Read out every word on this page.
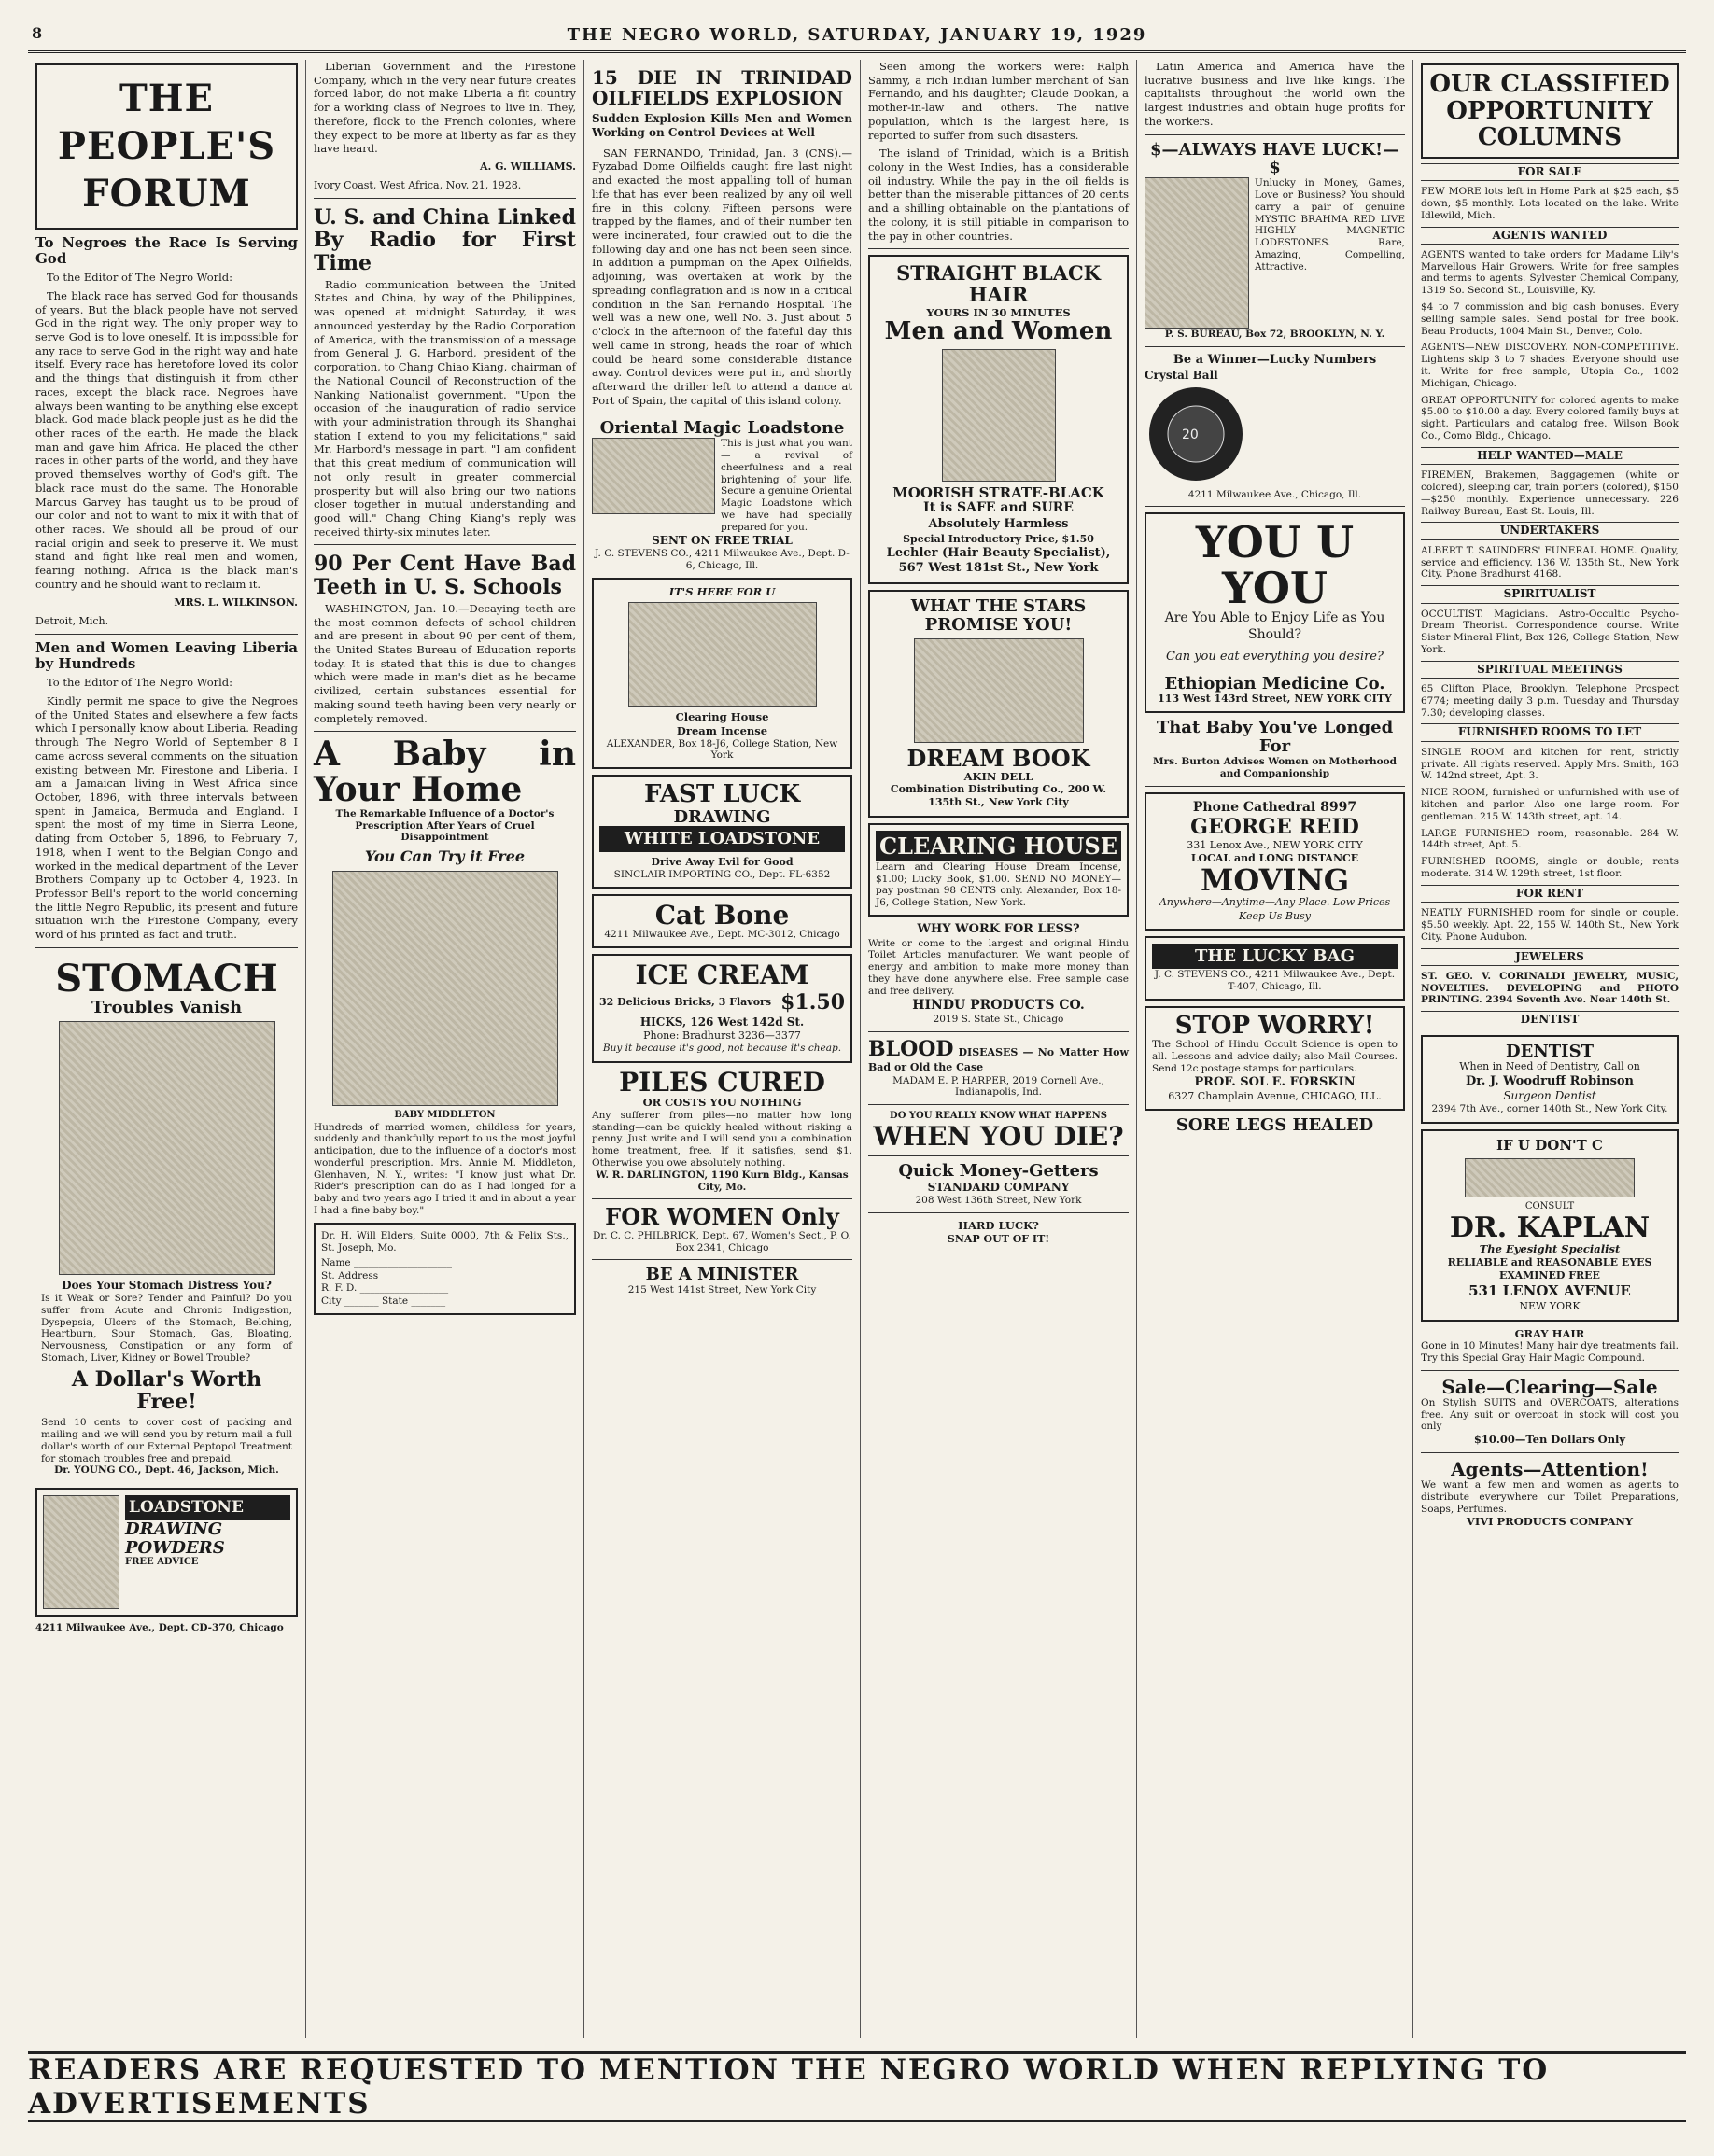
8	THE NEGRO WORLD, SATURDAY, JANUARY 19, 1929
THE PEOPLE'S FORUM
To Negroes the Race Is Serving God

To the Editor of The Negro World:

The black race has served God for thousands of years. But the black people have not served God in the right way. The only proper way to serve God is to love oneself. It is impossible for any race to serve God in the right way and hate itself. Every race has heretofore loved its color and the things that distinguish it from other races, except the black race. Negroes have always been wanting to be anything else except black. God made black people just as he did the other races of the earth. He made the black man and gave him Africa. He placed the other races in other parts of the world, and they have proved themselves worthy of God's gift. The black race must do the same. The Honorable Marcus Garvey has taught us to be proud of our color and not to want to mix it with that of other races. We should all be proud of our racial origin and seek to preserve it. We must stand and fight like real men and women, fearing nothing. Africa is the black man's country and he should want to reclaim it.

MRS. L. WILKINSON.
Detroit, Mich.
Men and Women Leaving Liberia by Hundreds

To the Editor of The Negro World:

Kindly permit me space to give the Negroes of the United States and elsewhere a few facts which I personally know about Liberia. Reading through The Negro World of September 8 I came across several comments on the situation existing between Mr. Firestone and Liberia. I am a Jamaican living in West Africa since October, 1896, with three intervals between spent in Jamaica, Bermuda and England. I spent the most of my time in Sierra Leone, dating from October 5, 1896, to February 7, 1918, when I went to the Belgian Congo and worked in the medical department of the Lever Brothers Company up to October 4, 1923. In Professor Bell's report to the world concerning the little Negro Republic, its present and future situation with the Firestone Company, every word of his printed as fact and truth.

STOMACH
Troubles Vanish
Does Your Stomach Distress You?
Is it Weak or Sore? Tender and Painful? Do you suffer from Acute and Chronic Indigestion, Dyspepsia, Ulcers of the Stomach, Belching, Heartburn, Sour Stomach, Gas, Bloating, Nervousness, Constipation or any form of Stomach, Liver, Kidney or Bowel Trouble?
A Dollar's Worth Free!
Send 10 cents to cover cost of packing and mailing and we will send you by return mail a full dollar's worth of our External Peptopol Treatment for stomach troubles free and prepaid.
Dr. YOUNG CO., Dept. 46, Jackson, Mich.
LOADSTONE
DRAWING
POWDERS
FREE ADVICE
4211 Milwaukee Ave., Dept. CD-370, Chicago

Liberian Government and the Firestone Company, which in the very near future creates forced labor, do not make Liberia a fit country for a working class of Negroes to live in. They, therefore, flock to the French colonies, where they expect to be more at liberty as far as they have heard.

A. G. WILLIAMS.
Ivory Coast, West Africa, Nov. 21, 1928.
U. S. and China Linked By Radio for First Time

Radio communication between the United States and China, by way of the Philippines, was opened at midnight Saturday, it was announced yesterday by the Radio Corporation of America, with the transmission of a message from General J. G. Harbord, president of the corporation, to Chang Chiao Kiang, chairman of the National Council of Reconstruction of the Nanking Nationalist government. "Upon the occasion of the inauguration of radio service with your administration through its Shanghai station I extend to you my felicitations," said Mr. Harbord's message in part. "I am confident that this great medium of communication will not only result in greater commercial prosperity but will also bring our two nations closer together in mutual understanding and good will." Chang Ching Kiang's reply was received thirty-six minutes later.

90 Per Cent Have Bad Teeth in U. S. Schools

WASHINGTON, Jan. 10.—Decaying teeth are the most common defects of school children and are present in about 90 per cent of them, the United States Bureau of Education reports today. It is stated that this is due to changes which were made in man's diet as he became civilized, certain substances essential for making sound teeth having been very nearly or completely removed.

A Baby in Your Home
The Remarkable Influence of a Doctor's Prescription After Years of Cruel Disappointment
You Can Try it Free
BABY MIDDLETON
Hundreds of married women, childless for years, suddenly and thankfully report to us the most joyful anticipation, due to the influence of a doctor's most wonderful prescription. Mrs. Annie M. Middleton, Glenhaven, N. Y., writes: "I know just what Dr. Rider's prescription can do as I had longed for a baby and two years ago I tried it and in about a year I had a fine baby boy."
Dr. H. Will Elders, Suite 0000, 7th & Felix Sts., St. Joseph, Mo.
Name ____________________
St. Address _______________
R. F. D. __________________
City _______ State _______
15 DIE IN TRINIDAD OILFIELDS EXPLOSION
Sudden Explosion Kills Men and Women Working on Control Devices at Well

SAN FERNANDO, Trinidad, Jan. 3 (CNS).—Fyzabad Dome Oilfields caught fire last night and exacted the most appalling toll of human life that has ever been realized by any oil well fire in this colony. Fifteen persons were trapped by the flames, and of their number ten were incinerated, four crawled out to die the following day and one has not been seen since. In addition a pumpman on the Apex Oilfields, adjoining, was overtaken at work by the spreading conflagration and is now in a critical condition in the San Fernando Hospital. The well was a new one, well No. 3. Just about 5 o'clock in the afternoon of the fateful day this well came in strong, heads the roar of which could be heard some considerable distance away. Control devices were put in, and shortly afterward the driller left to attend a dance at Port of Spain, the capital of this island colony.

Oriental Magic Loadstone
This is just what you want — a revival of cheerfulness and a real brightening of your life. Secure a genuine Oriental Magic Loadstone which we have had specially prepared for you.
SENT ON FREE TRIAL
J. C. STEVENS CO., 4211 Milwaukee Ave., Dept. D-6, Chicago, Ill.
IT'S HERE FOR U
Clearing House
Dream Incense
ALEXANDER, Box 18-J6, College Station, New York
FAST LUCK
DRAWING
WHITE LOADSTONE
Drive Away Evil for Good
SINCLAIR IMPORTING CO., Dept. FL-6352
Cat Bone
4211 Milwaukee Ave., Dept. MC-3012, Chicago
ICE CREAM
32 Delicious Bricks, 3 Flavors $1.50
HICKS, 126 West 142d St.
Phone: Bradhurst 3236—3377
Buy it because it's good, not because it's cheap.
PILES CURED
OR COSTS YOU NOTHING
Any sufferer from piles—no matter how long standing—can be quickly healed without risking a penny. Just write and I will send you a combination home treatment, free. If it satisfies, send $1. Otherwise you owe absolutely nothing.
W. R. DARLINGTON, 1190 Kurn Bldg., Kansas City, Mo.
FOR WOMEN Only
Dr. C. C. PHILBRICK, Dept. 67, Women's Sect., P. O. Box 2341, Chicago
BE A MINISTER
215 West 141st Street, New York City

Seen among the workers were: Ralph Sammy, a rich Indian lumber merchant of San Fernando, and his daughter; Claude Dookan, a mother-in-law and others. The native population, which is the largest here, is reported to suffer from such disasters.

The island of Trinidad, which is a British colony in the West Indies, has a considerable oil industry. While the pay in the oil fields is better than the miserable pittances of 20 cents and a shilling obtainable on the plantations of the colony, it is still pitiable in comparison to the pay in other countries.

STRAIGHT BLACK HAIR
YOURS IN 30 MINUTES
Men and Women
MOORISH STRATE-BLACK
It is SAFE and SURE
Absolutely Harmless
Special Introductory Price, $1.50
Lechler (Hair Beauty Specialist), 567 West 181st St., New York
WHAT THE STARS PROMISE YOU!
DREAM BOOK
AKIN DELL
Combination Distributing Co., 200 W. 135th St., New York City
CLEARING HOUSE
Learn and Clearing House Dream Incense, $1.00; Lucky Book, $1.00. SEND NO MONEY—pay postman 98 CENTS only. Alexander, Box 18-J6, College Station, New York.
WHY WORK FOR LESS?
Write or come to the largest and original Hindu Toilet Articles manufacturer. We want people of energy and ambition to make more money than they have done anywhere else. Free sample case and free delivery.
HINDU PRODUCTS CO.
2019 S. State St., Chicago
BLOOD DISEASES — No Matter How Bad or Old the Case
MADAM E. P. HARPER, 2019 Cornell Ave., Indianapolis, Ind.
DO YOU REALLY KNOW WHAT HAPPENS
WHEN YOU DIE?
Quick Money-Getters
STANDARD COMPANY
208 West 136th Street, New York
HARD LUCK?
SNAP OUT OF IT!

Latin America and America have the lucrative business and live like kings. The capitalists throughout the world own the largest industries and obtain huge profits for the workers.

$—ALWAYS HAVE LUCK!—$
Unlucky in Money, Games, Love or Business? You should carry a pair of genuine MYSTIC BRAHMA RED LIVE HIGHLY MAGNETIC LODESTONES. Rare, Amazing, Compelling, Attractive.
P. S. BUREAU, Box 72, BROOKLYN, N. Y.
Be a Winner—Lucky Numbers
Crystal Ball
20
4211 Milwaukee Ave., Chicago, Ill.
YOU U YOU
Are You Able to Enjoy Life as You Should?
Can you eat everything you desire?
Ethiopian Medicine Co.
113 West 143rd Street, NEW YORK CITY
That Baby You've Longed For
Mrs. Burton Advises Women on Motherhood and Companionship
Phone Cathedral 8997
GEORGE REID
331 Lenox Ave., NEW YORK CITY
LOCAL and LONG DISTANCE
MOVING
Anywhere—Anytime—Any Place. Low Prices Keep Us Busy
THE LUCKY BAG
J. C. STEVENS CO., 4211 Milwaukee Ave., Dept. T-407, Chicago, Ill.
STOP WORRY!
The School of Hindu Occult Science is open to all. Lessons and advice daily; also Mail Courses. Send 12c postage stamps for particulars.
PROF. SOL E. FORSKIN
6327 Champlain Avenue, CHICAGO, ILL.
SORE LEGS HEALED
OUR CLASSIFIED OPPORTUNITY COLUMNS
FOR SALE
FEW MORE lots left in Home Park at $25 each, $5 down, $5 monthly. Lots located on the lake. Write Idlewild, Mich.
AGENTS WANTED
AGENTS wanted to take orders for Madame Lily's Marvellous Hair Growers. Write for free samples and terms to agents. Sylvester Chemical Company, 1319 So. Second St., Louisville, Ky.
$4 to 7 commission and big cash bonuses. Every selling sample sales. Send postal for free book. Beau Products, 1004 Main St., Denver, Colo.
AGENTS—NEW DISCOVERY. NON-COMPETITIVE. Lightens skip 3 to 7 shades. Everyone should use it. Write for free sample, Utopia Co., 1002 Michigan, Chicago.
GREAT OPPORTUNITY for colored agents to make $5.00 to $10.00 a day. Every colored family buys at sight. Particulars and catalog free. Wilson Book Co., Como Bldg., Chicago.
HELP WANTED—MALE
FIREMEN, Brakemen, Baggagemen (white or colored), sleeping car, train porters (colored), $150—$250 monthly. Experience unnecessary. 226 Railway Bureau, East St. Louis, Ill.
UNDERTAKERS
ALBERT T. SAUNDERS' FUNERAL HOME. Quality, service and efficiency. 136 W. 135th St., New York City. Phone Bradhurst 4168.
SPIRITUALIST
OCCULTIST. Magicians. Astro-Occultic Psycho-Dream Theorist. Correspondence course. Write Sister Mineral Flint, Box 126, College Station, New York.
SPIRITUAL MEETINGS
65 Clifton Place, Brooklyn. Telephone Prospect 6774; meeting daily 3 p.m. Tuesday and Thursday 7.30; developing classes.
FURNISHED ROOMS TO LET
SINGLE ROOM and kitchen for rent, strictly private. All rights reserved. Apply Mrs. Smith, 163 W. 142nd street, Apt. 3.
NICE ROOM, furnished or unfurnished with use of kitchen and parlor. Also one large room. For gentleman. 215 W. 143th street, apt. 14.
LARGE FURNISHED room, reasonable. 284 W. 144th street, Apt. 5.
FURNISHED ROOMS, single or double; rents moderate. 314 W. 129th street, 1st floor.
FOR RENT
NEATLY FURNISHED room for single or couple. $5.50 weekly. Apt. 22, 155 W. 140th St., New York City. Phone Audubon.
JEWELERS
ST. GEO. V. CORINALDI JEWELRY, MUSIC, NOVELTIES. DEVELOPING and PHOTO PRINTING. 2394 Seventh Ave. Near 140th St.
DENTIST
DENTIST
When in Need of Dentistry, Call on
Dr. J. Woodruff Robinson
Surgeon Dentist
2394 7th Ave., corner 140th St., New York City.
IF U DON'T C
CONSULT
DR. KAPLAN
The Eyesight Specialist
RELIABLE and REASONABLE EYES EXAMINED FREE
531 LENOX AVENUE
NEW YORK
GRAY HAIR
Gone in 10 Minutes! Many hair dye treatments fail. Try this Special Gray Hair Magic Compound.
Sale—Clearing—Sale
On Stylish SUITS and OVERCOATS, alterations free. Any suit or overcoat in stock will cost you only
$10.00—Ten Dollars Only
Agents—Attention!
We want a few men and women as agents to distribute everywhere our Toilet Preparations, Soaps, Perfumes.
VIVI PRODUCTS COMPANY
READERS ARE REQUESTED TO MENTION THE NEGRO WORLD WHEN REPLYING TO ADVERTISEMENTS
